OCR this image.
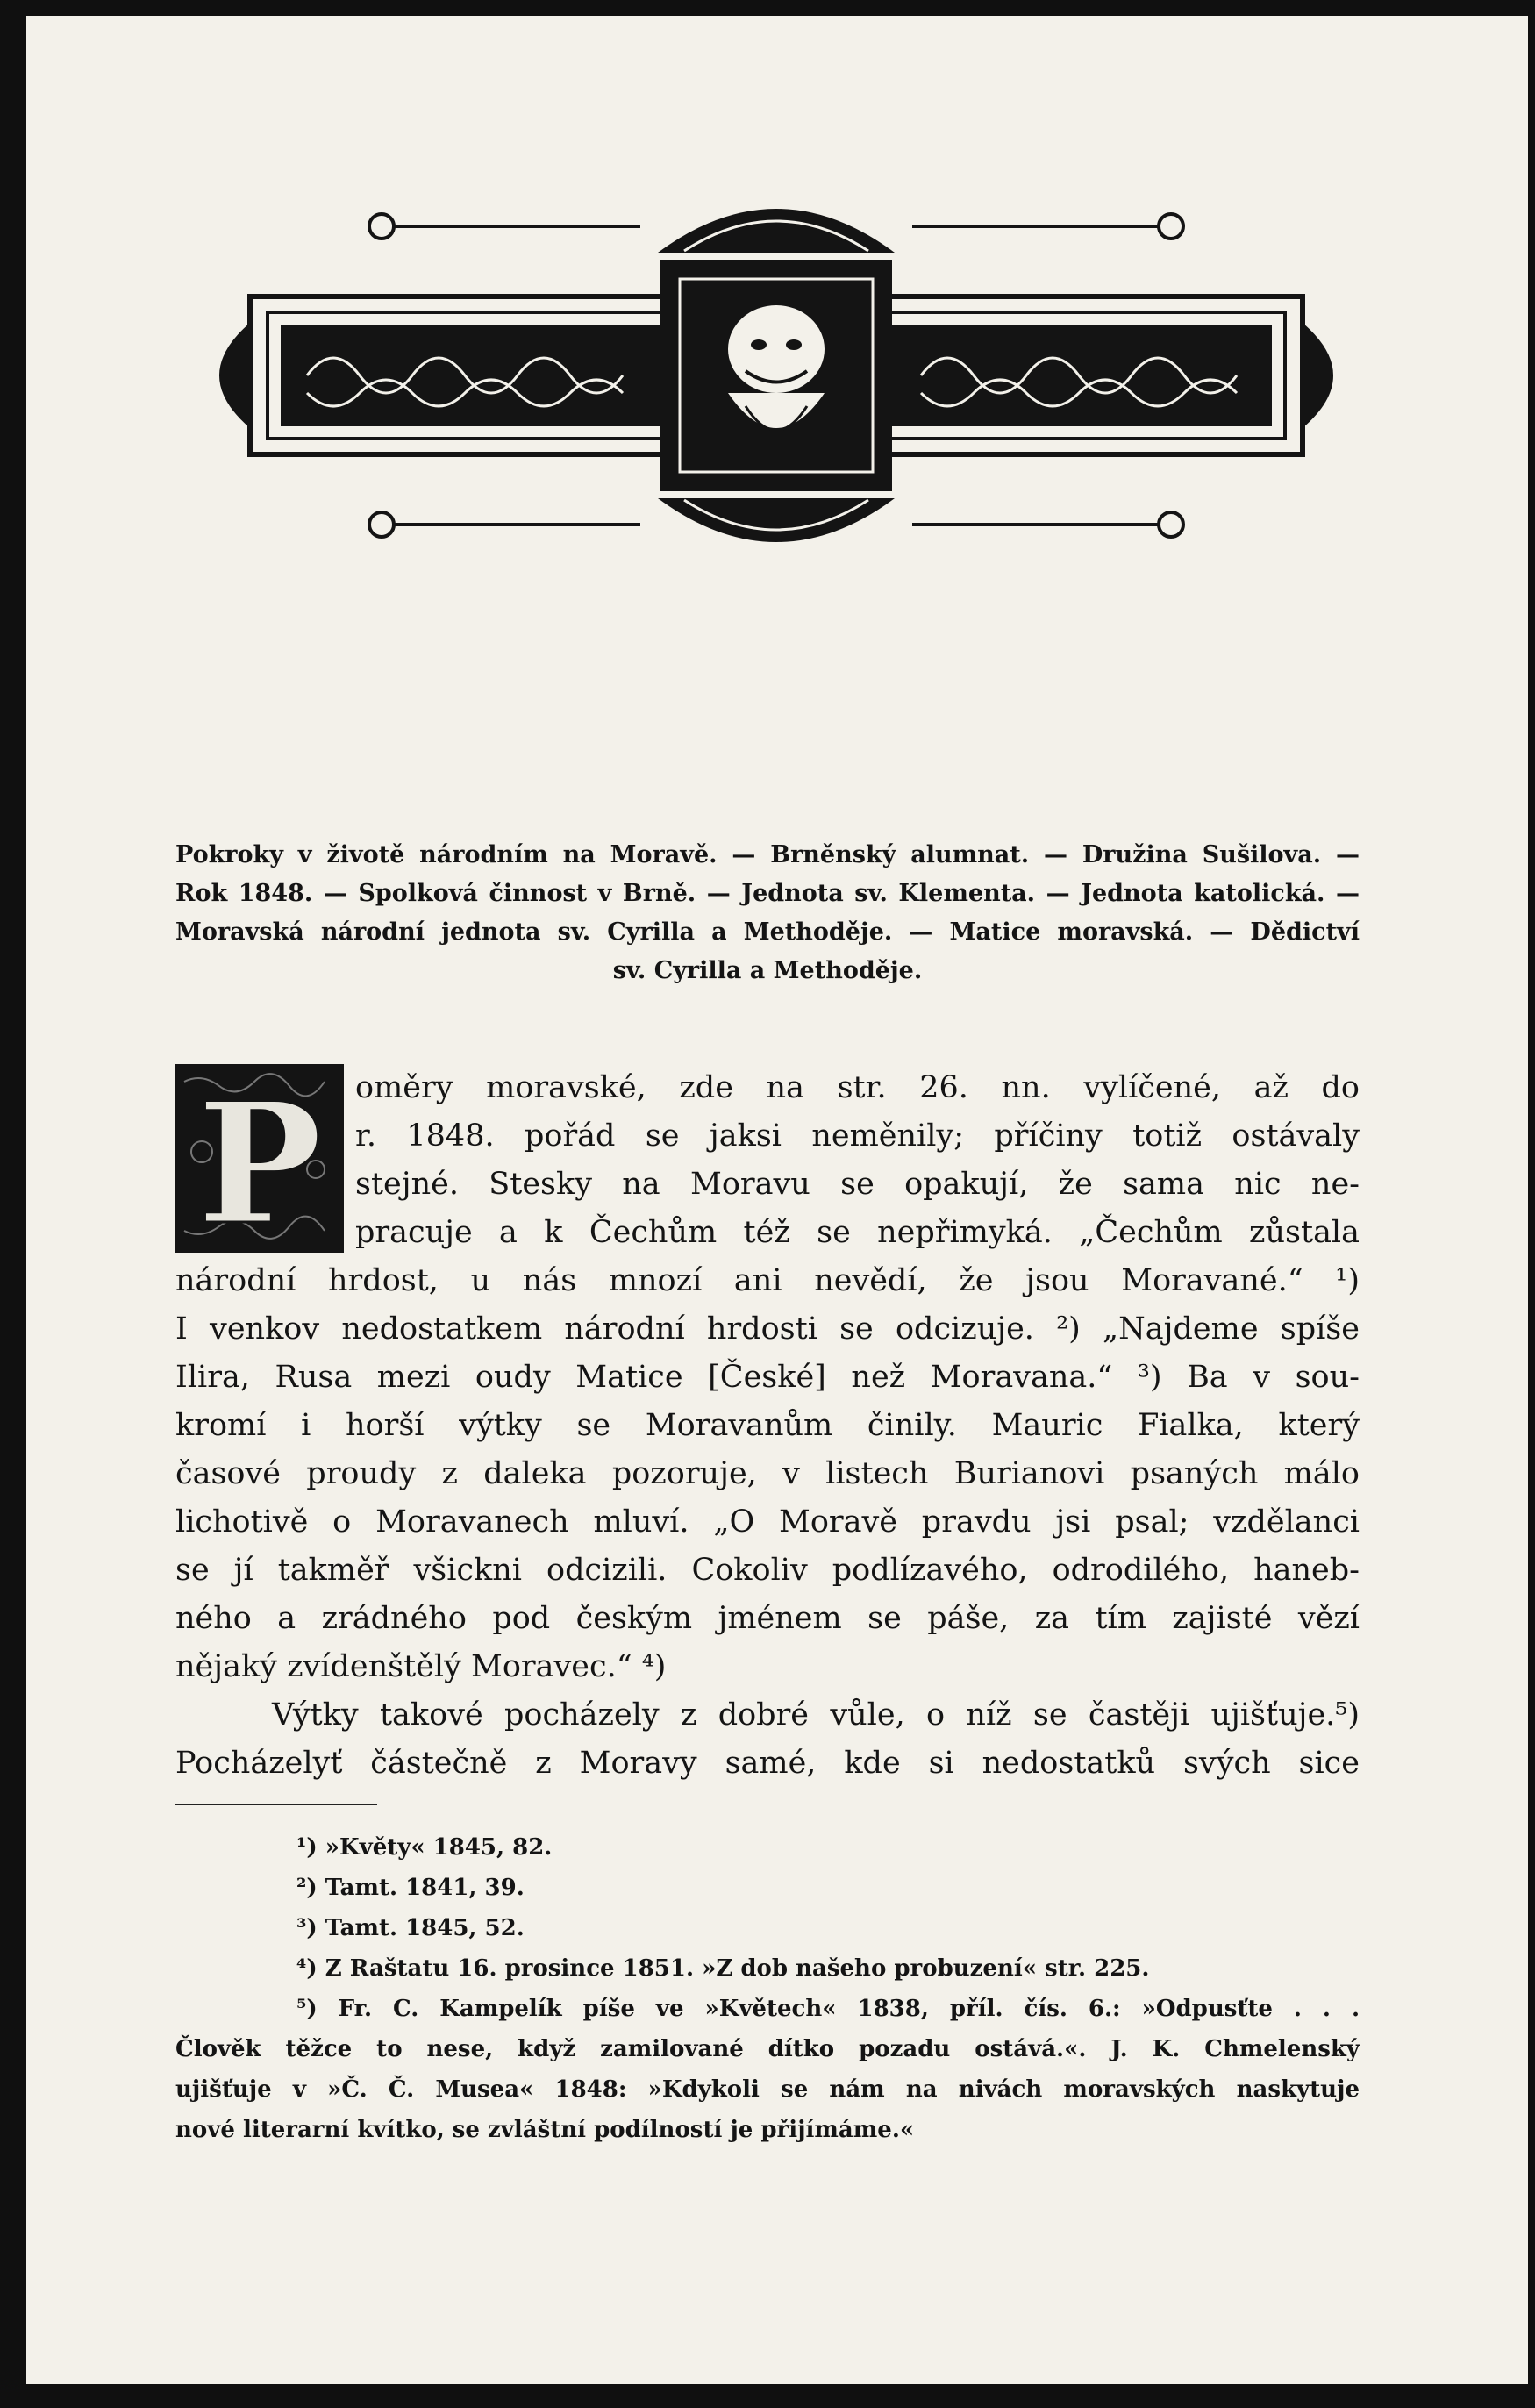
Pokroky v životě národním na Moravě. — Brněnský alumnat. — Družina Sušilova. —
Rok 1848. — Spolková činnost v Brně. — Jednota sv. Klementa. — Jednota katolická. —
Moravská národní jednota sv. Cyrilla a Methoděje. — Matice moravská. — Dědictví
sv. Cyrilla a Methoděje.
P	oměry moravské, zde na str. 26. nn. vylíčené, až do
r. 1848. pořád se jaksi neměnily; příčiny totiž ostávaly
stejné. Stesky na Moravu se opakují, že sama nic ne-
pracuje a k Čechům též se nepřimyká. „Čechům zůstala
národní hrdost, u nás mnozí ani nevědí, že jsou Moravané.“ ¹)
I venkov nedostatkem národní hrdosti se odcizuje. ²) „Najdeme spíše
Ilira, Rusa mezi oudy Matice [České] než Moravana.“ ³) Ba v sou-
kromí i horší výtky se Moravanům činily. Mauric Fialka, který
časové proudy z daleka pozoruje, v listech Burianovi psaných málo
lichotivě o Moravanech mluví. „O Moravě pravdu jsi psal; vzdělanci
se jí takměř všickni odcizili. Cokoliv podlízavého, odrodilého, haneb-
ného a zrádného pod českým jménem se páše, za tím zajisté vězí
nějaký zvídenštělý Moravec.“ ⁴)
Výtky takové pocházely z dobré vůle, o níž se častěji ujišťuje.⁵)
Pocházelyť částečně z Moravy samé, kde si nedostatků svých sice
¹) »Květy« 1845, 82.
²) Tamt. 1841, 39.
³) Tamt. 1845, 52.
⁴) Z Raštatu 16. prosince 1851. »Z dob našeho probuzení« str. 225.
⁵) Fr. C. Kampelík píše ve »Květech« 1838, příl. čís. 6.: »Odpusťte . . .
Člověk těžce to nese, když zamilované dítko pozadu ostává.«. J. K. Chmelenský
ujišťuje v »Č. Č. Musea« 1848: »Kdykoli se nám na nivách moravských naskytuje
nové literarní kvítko, se zvláštní podílností je přijímáme.«
